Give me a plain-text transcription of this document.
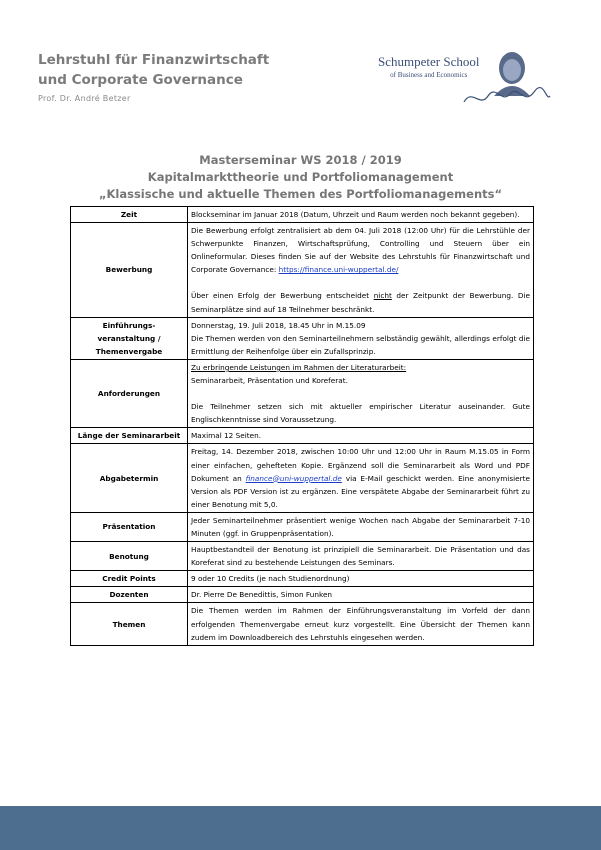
Lehrstuhl für Finanzwirtschaft
und Corporate Governance
Prof. Dr. André Betzer
Schumpeter School
of Business and Economics
Masterseminar WS 2018 / 2019
Kapitalmarkttheorie und Portfoliomanagement
„Klassische und aktuelle Themen des Portfoliomanagements“
Zeit	Blockseminar im Januar 2018 (Datum, Uhrzeit und Raum werden noch bekannt gegeben).
Bewerbung	Die Bewerbung erfolgt zentralisiert ab dem 04. Juli 2018 (12:00 Uhr) für die Lehrstühle der Schwerpunkte Finanzen, Wirtschaftsprüfung, Controlling und Steuern über ein Onlineformular. Dieses finden Sie auf der Website des Lehrstuhls für Finanzwirtschaft und Corporate Governance: https://finance.uni-wuppertal.de/
Über einen Erfolg der Bewerbung entscheidet nicht der Zeitpunkt der Bewerbung. Die Seminarplätze sind auf 18 Teilnehmer beschränkt.
Einführungs-veranstaltung / Themenvergabe	Donnerstag, 19. Juli 2018, 18.45 Uhr in M.15.09
Die Themen werden von den Seminarteilnehmern selbständig gewählt, allerdings erfolgt die Ermittlung der Reihenfolge über ein Zufallsprinzip.

Anforderungen	Zu erbringende Leistungen im Rahmen der Literaturarbeit:
Seminararbeit, Präsentation und Koreferat.
Die Teilnehmer setzen sich mit aktueller empirischer Literatur auseinander. Gute Englischkenntnisse sind Voraussetzung.

Länge der Seminararbeit	Maximal 12 Seiten.
Abgabetermin	Freitag, 14. Dezember 2018, zwischen 10:00 Uhr und 12:00 Uhr in Raum M.15.05 in Form einer einfachen, gehefteten Kopie. Ergänzend soll die Seminararbeit als Word und PDF Dokument an finance@uni-wuppertal.de via E-Mail geschickt werden. Eine anonymisierte Version als PDF Version ist zu ergänzen. Eine verspätete Abgabe der Seminararbeit führt zu einer Benotung mit 5,0.
Präsentation	Jeder Seminarteilnehmer präsentiert wenige Wochen nach Abgabe der Seminararbeit 7-10 Minuten (ggf. in Gruppenpräsentation).
Benotung	Hauptbestandteil der Benotung ist prinzipiell die Seminararbeit. Die Präsentation und das Koreferat sind zu bestehende Leistungen des Seminars.
Credit Points	9 oder 10 Credits (je nach Studienordnung)
Dozenten	Dr. Pierre De Benedittis, Simon Funken
Themen	Die Themen werden im Rahmen der Einführungsveranstaltung im Vorfeld der dann erfolgenden Themenvergabe erneut kurz vorgestellt. Eine Übersicht der Themen kann zudem im Downloadbereich des Lehrstuhls eingesehen werden.
